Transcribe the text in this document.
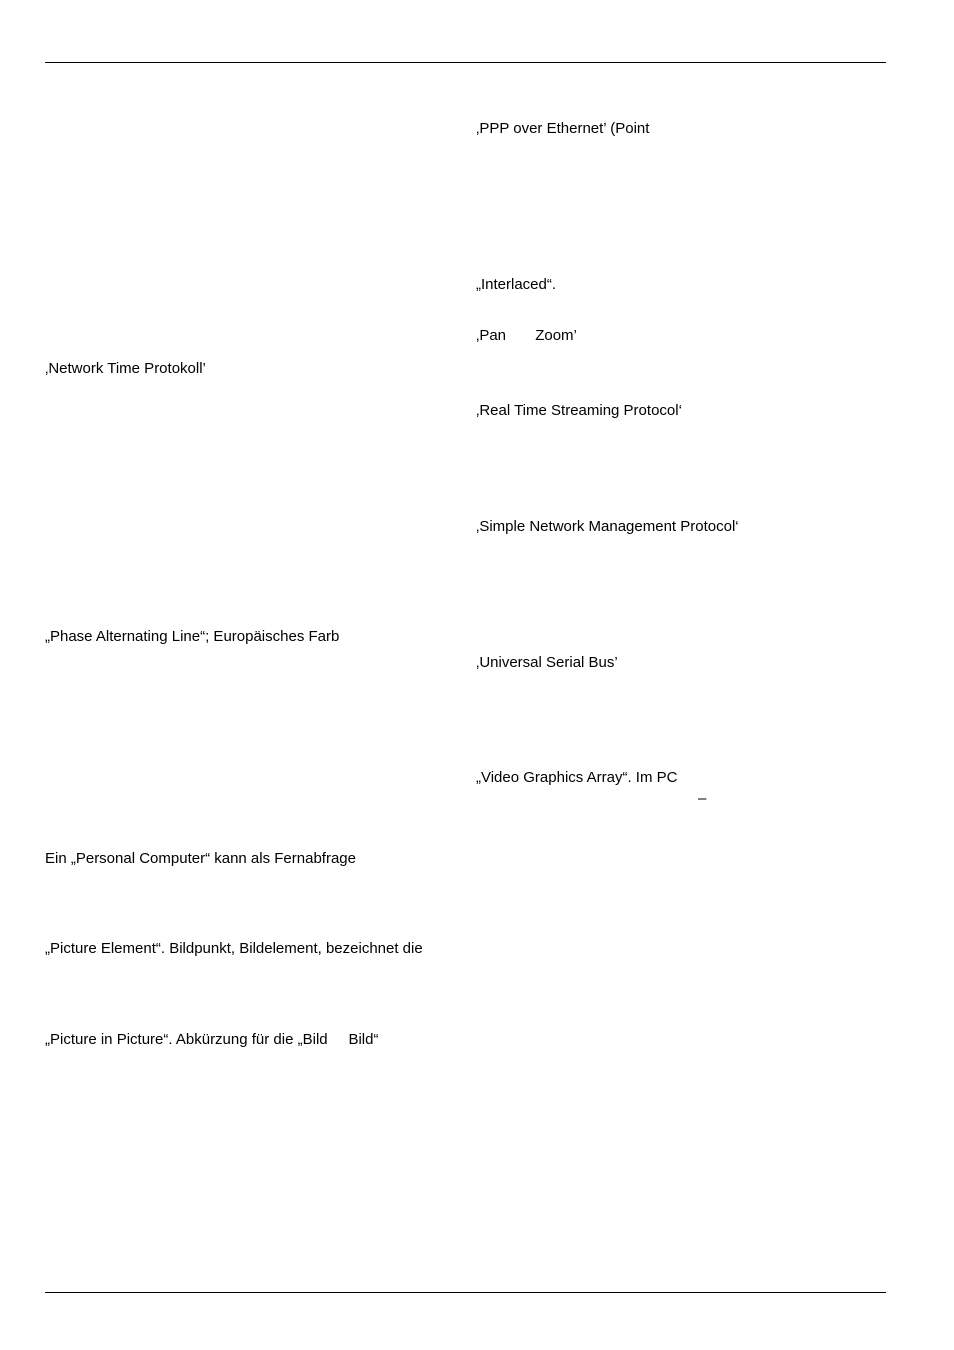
‚PPP over Ethernet’ (Point
„Interlaced“.
‚Pan       Zoom’
‚Network Time Protokoll’
‚Real Time Streaming Protocol‘
‚Simple Network Management Protocol‘
„Phase Alternating Line“; Europäisches Farb
‚Universal Serial Bus’
„Video Graphics Array“. Im PC
–
Ein „Personal Computer“ kann als Fernabfrage
„Picture Element“. Bildpunkt, Bildelement, bezeichnet die
„Picture in Picture“. Abkürzung für die „Bild     Bild“
